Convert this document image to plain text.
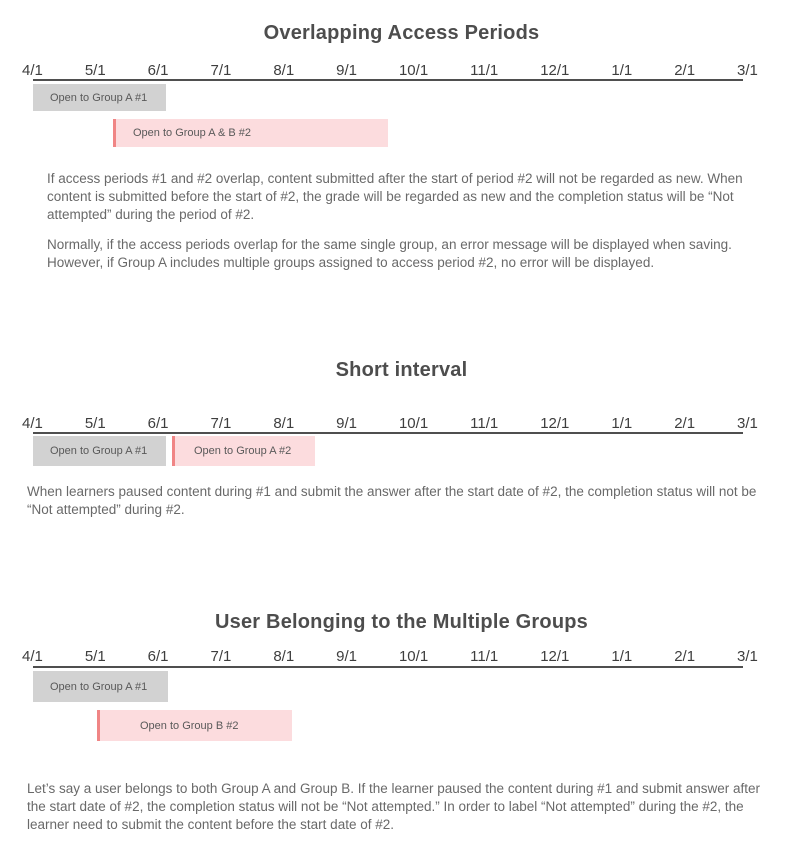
Overlapping Access Periods
4/1	5/1	6/1	7/1	8/1	9/1	10/1	11/1	12/1	1/1	2/1	3/1
Open to Group A #1
Open to Group A & B #2

If access periods #1 and #2 overlap, content submitted after the start of period #2 will not be regarded as new. When content is submitted before the start of #2, the grade will be regarded as new and the completion status will be “Not attempted” during the period of #2.

Normally, if the access periods overlap for the same single group, an error message will be displayed when saving. However, if Group A includes multiple groups assigned to access period #2, no error will be displayed.

Short interval
4/1	5/1	6/1	7/1	8/1	9/1	10/1	11/1	12/1	1/1	2/1	3/1
Open to Group A #1	Open to Group A #2

When learners paused content during #1 and submit the answer after the start date of #2, the completion status will not be “Not attempted” during #2.

User Belonging to the Multiple Groups
4/1	5/1	6/1	7/1	8/1	9/1	10/1	11/1	12/1	1/1	2/1	3/1
Open to Group A #1
Open to Group B #2

Let’s say a user belongs to both Group A and Group B. If the learner paused the content during #1 and submit answer after the start date of #2, the completion status will not be “Not attempted.” In order to label “Not attempted” during the #2, the learner need to submit the content before the start date of #2.
